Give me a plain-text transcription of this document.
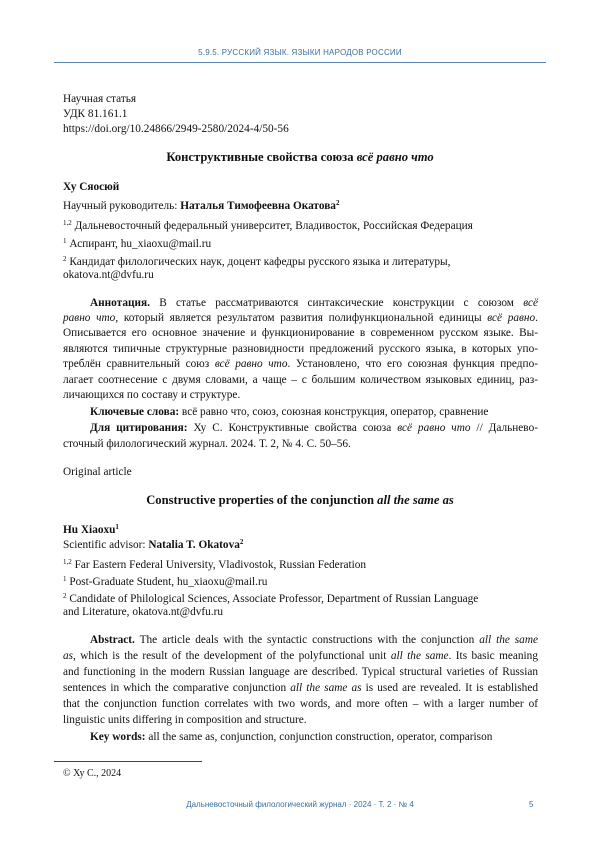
5.9.5. РУССКИЙ ЯЗЫК. ЯЗЫКИ НАРОДОВ РОССИИ
Научная статья
УДК 81.161.1
https://doi.org/10.24866/2949-2580/2024-4/50-56
Конструктивные свойства союза всё равно что
Ху Сяосюй
Научный руководитель: Наталья Тимофеевна Окатова$^2$
$^{1,2}$ Дальневосточный федеральный университет, Владивосток, Российская Федерация
$^1$ Аспирант, hu_xiaoxu@mail.ru
$^2$ Кандидат филологических наук, доцент кафедры русского языка и литературы,
okatova.nt@dvfu.ru
Аннотация. В статье рассматриваются синтаксические конструкции с союзом всё
равно что, который является результатом развития полифункциональной единицы всё равно.
Описывается его основное значение и функционирование в современном русском языке. Вы-
являются типичные структурные разновидности предложений русского языка, в которых упо-
треблён сравнительный союз всё равно что. Установлено, что его союзная функция предпо-
лагает соотнесение с двумя словами, а чаще – с большим количеством языковых единиц, раз-
личающихся по составу и структуре.
Ключевые слова: всё равно что, союз, союзная конструкция, оператор, сравнение
Для цитирования: Ху С. Конструктивные свойства союза всё равно что // Дальнево-
сточный филологический журнал. 2024. Т. 2, № 4. С. 50–56.
Original article
Constructive properties of the conjunction all the same as
Hu Xiaoxu$^1$
Scientific advisor: Natalia T. Okatova$^2$
$^{1,2}$ Far Eastern Federal University, Vladivostok, Russian Federation
$^1$ Post-Graduate Student, hu_xiaoxu@mail.ru
$^2$ Candidate of Philological Sciences, Associate Professor, Department of Russian Language
and Literature, okatova.nt@dvfu.ru
Abstract. The article deals with the syntactic constructions with the conjunction all the same
as, which is the result of the development of the polyfunctional unit all the same. Its basic meaning
and functioning in the modern Russian language are described. Typical structural varieties of Russian
sentences in which the comparative conjunction all the same as is used are revealed. It is established
that the conjunction function correlates with two words, and more often – with a larger number of
linguistic units differing in composition and structure.
Key words: all the same as, conjunction, conjunction construction, operator, comparison
© Ху С., 2024
Дальневосточный филологический журнал · 2024 · Т. 2 · № 4	5
